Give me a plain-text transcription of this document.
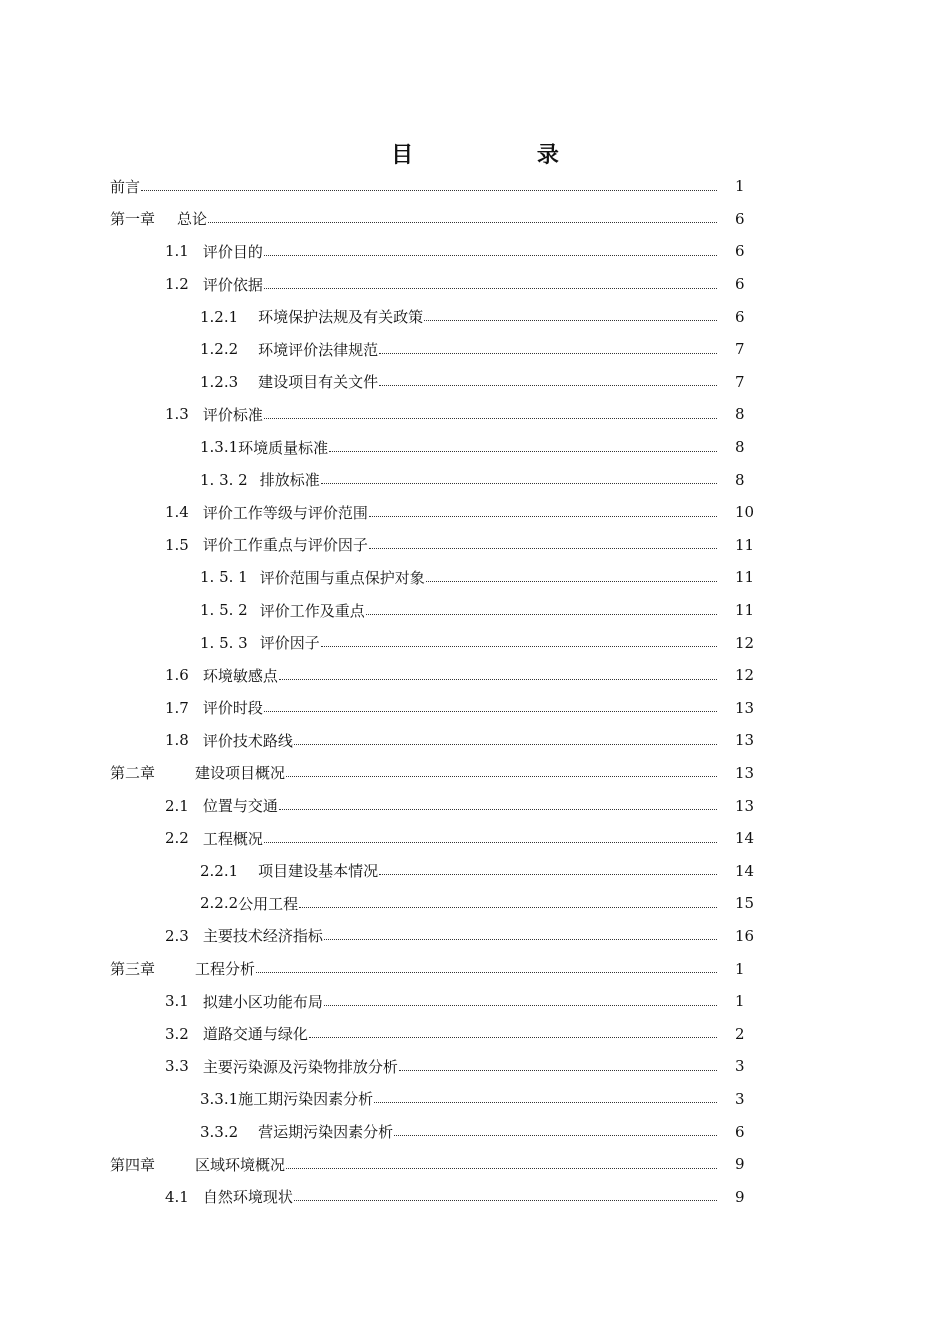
目 录
前言	1
第一章 总论	6
1.1 评价目的	6
1.2 评价依据	6
1.2.1 环境保护法规及有关政策	6
1.2.2 环境评价法律规范	7
1.2.3 建设项目有关文件	7
1.3 评价标准	8
1.3.1 环境质量标准	8
1. 3. 2 排放标准	8
1.4 评价工作等级与评价范围	10
1.5 评价工作重点与评价因子	11
1. 5. 1 评价范围与重点保护对象	11
1. 5. 2 评价工作及重点	11
1. 5. 3 评价因子	12
1.6 环境敏感点	12
1.7 评价时段	13
1.8 评价技术路线	13
第二章	建设项目概况	13
2.1 位置与交通	13
2.2 工程概况	14
2.2.1 项目建设基本情况	14
2.2.2 公用工程	15
2.3 主要技术经济指标	16
第三章	工程分析	1
3.1 拟建小区功能布局	1
3.2 道路交通与绿化	2
3.3 主要污染源及污染物排放分析	3
3.3.1 施工期污染因素分析	3
3.3.2 营运期污染因素分析	6
第四章	区域环境概况	9
4.1 自然环境现状	9
